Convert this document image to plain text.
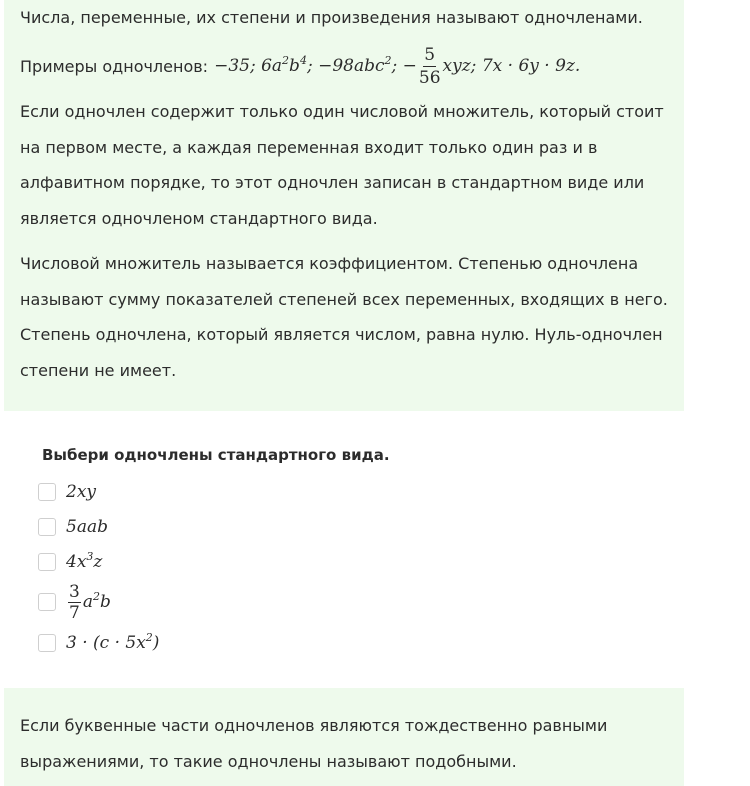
Числа, переменные, их степени и произведения называют одночленами.

Примеры одночленов: −35; $6a^2b^4$; −98abc$^2$; − $\frac{5}{56}$ xyz; 7x · 6y · 9z.

Если одночлен содержит только один числовой множитель, который стоит на первом месте, а каждая переменная входит только один раз и в алфавитном порядке, то этот одночлен записан в стандартном виде или является одночленом стандартного вида.

Числовой множитель называется коэффициентом. Степенью одночлена называют сумму показателей степеней всех переменных, входящих в него. Степень одночлена, который является числом, равна нулю. Нуль-одночлен степени не имеет.

Выбери одночлены стандартного вида.

2xy
5aab
$4x^3z$
$\frac{3}{7} a^2b$
$3 \cdot (c \cdot 5x^2)$

Если буквенные части одночленов являются тождественно равными выражениями, то такие одночлены называют подобными.
